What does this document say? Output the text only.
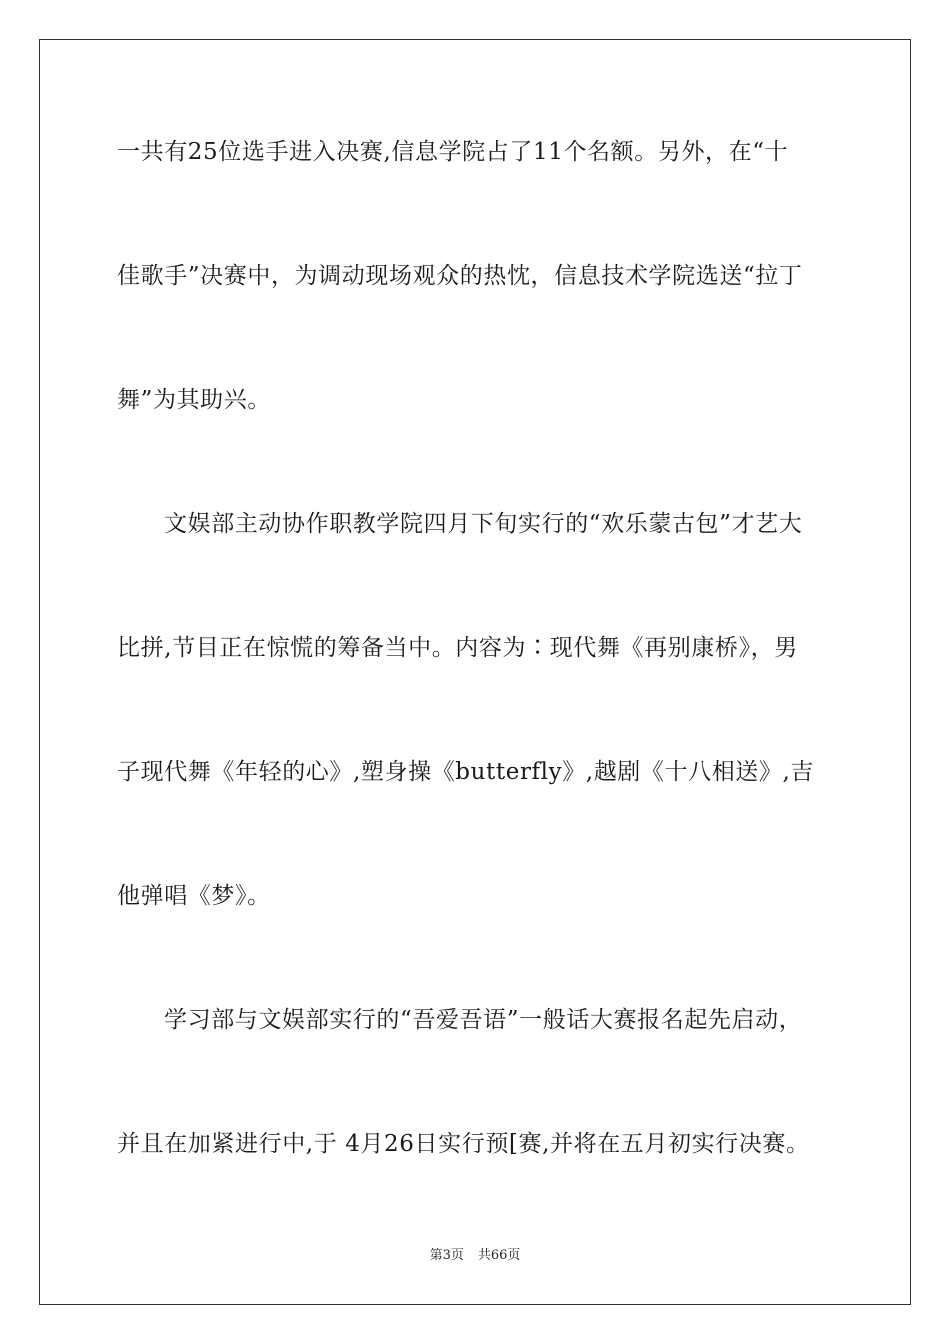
一共有25位选手进入决赛,信息学院占了11个名额。另外，在“十
佳歌手”决赛中，为调动现场观众的热忱，信息技术学院选送“拉丁
舞”为其助兴。
文娱部主动协作职教学院四月下旬实行的“欢乐蒙古包”才艺大
比拼,节目正在惊慌的筹备当中。内容为∶现代舞《再别康桥》，男
子现代舞《年轻的心》,塑身操《butterfly》,越剧《十八相送》,吉
他弹唱《梦》。
学习部与文娱部实行的“吾爱吾语”一般话大赛报名起先启动，
并且在加紧进行中,于 4月26日实行预[赛,并将在五月初实行决赛。
第3页 共66页
